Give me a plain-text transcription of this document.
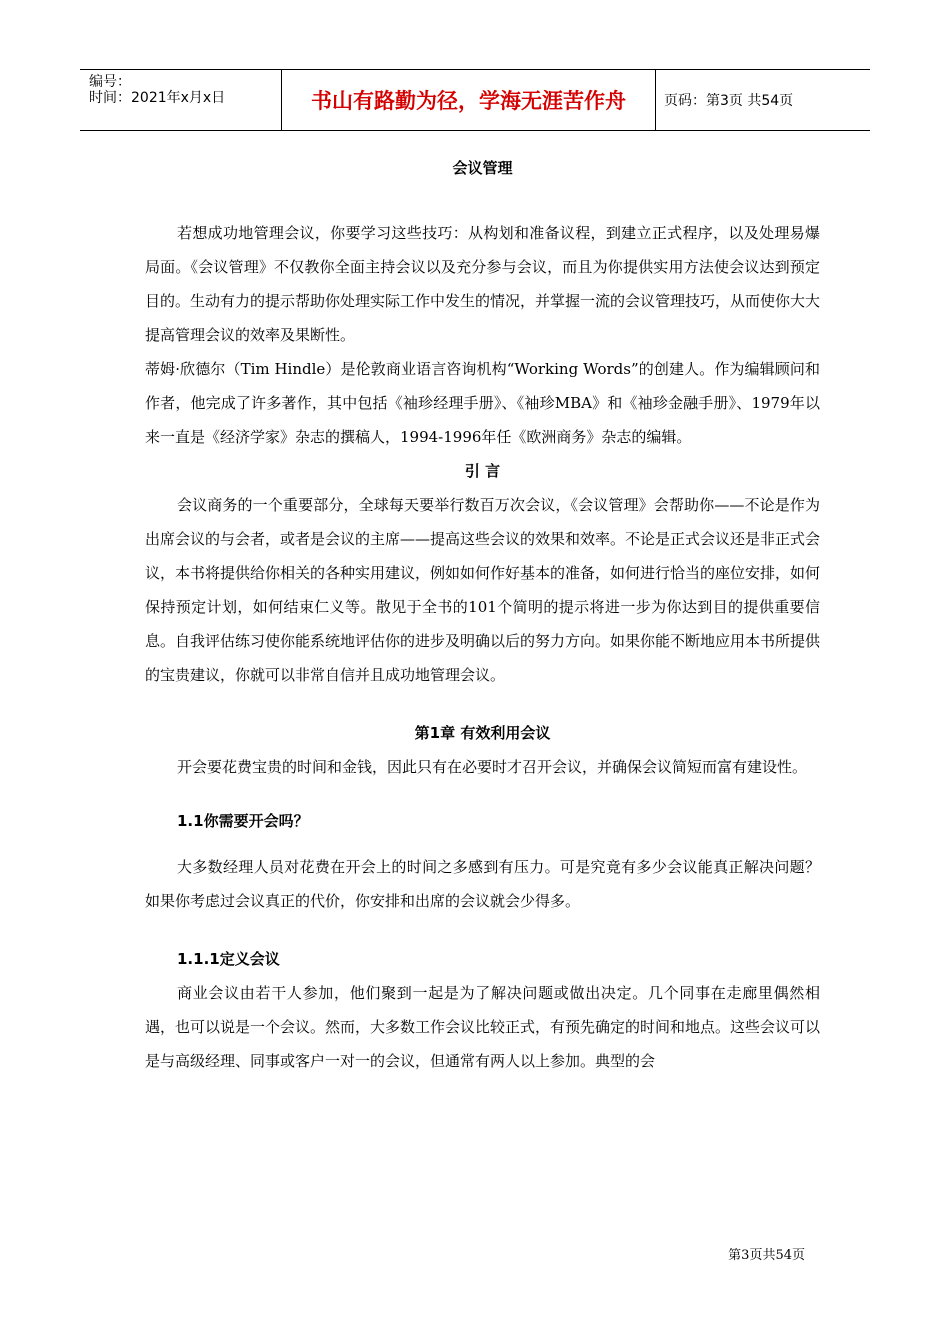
编号：
时间：2021年x月x日	书山有路勤为径，学海无涯苦作舟	页码：第3页 共54页
会议管理

若想成功地管理会议，你要学习这些技巧：从构划和准备议程，到建立正式程序，以及处理易爆局面。《会议管理》不仅教你全面主持会议以及充分参与会议，而且为你提供实用方法使会议达到预定目的。生动有力的提示帮助你处理实际工作中发生的情况，并掌握一流的会议管理技巧，从而使你大大提高管理会议的效率及果断性。

蒂姆·欣德尔（Tim Hindle）是伦敦商业语言咨询机构“Working Words”的创建人。作为编辑顾问和作者，他完成了许多著作，其中包括《袖珍经理手册》、《袖珍MBA》和《袖珍金融手册》、1979年以来一直是《经济学家》杂志的撰稿人，1994-1996年任《欧洲商务》杂志的编辑。

引 言

会议商务的一个重要部分，全球每天要举行数百万次会议，《会议管理》会帮助你——不论是作为出席会议的与会者，或者是会议的主席——提高这些会议的效果和效率。不论是正式会议还是非正式会议，本书将提供给你相关的各种实用建议，例如如何作好基本的准备，如何进行恰当的座位安排，如何保持预定计划，如何结束仁义等。散见于全书的101个简明的提示将进一步为你达到目的提供重要信息。自我评估练习使你能系统地评估你的进步及明确以后的努力方向。如果你能不断地应用本书所提供的宝贵建议，你就可以非常自信并且成功地管理会议。

第1章 有效利用会议

开会要花费宝贵的时间和金钱，因此只有在必要时才召开会议，并确保会议简短而富有建设性。

1.1你需要开会吗？

大多数经理人员对花费在开会上的时间之多感到有压力。可是究竟有多少会议能真正解决问题？如果你考虑过会议真正的代价，你安排和出席的会议就会少得多。

1.1.1定义会议

商业会议由若干人参加，他们聚到一起是为了解决问题或做出决定。几个同事在走廊里偶然相遇，也可以说是一个会议。然而，大多数工作会议比较正式，有预先确定的时间和地点。这些会议可以是与高级经理、同事或客户一对一的会议，但通常有两人以上参加。典型的会

第3页共54页
